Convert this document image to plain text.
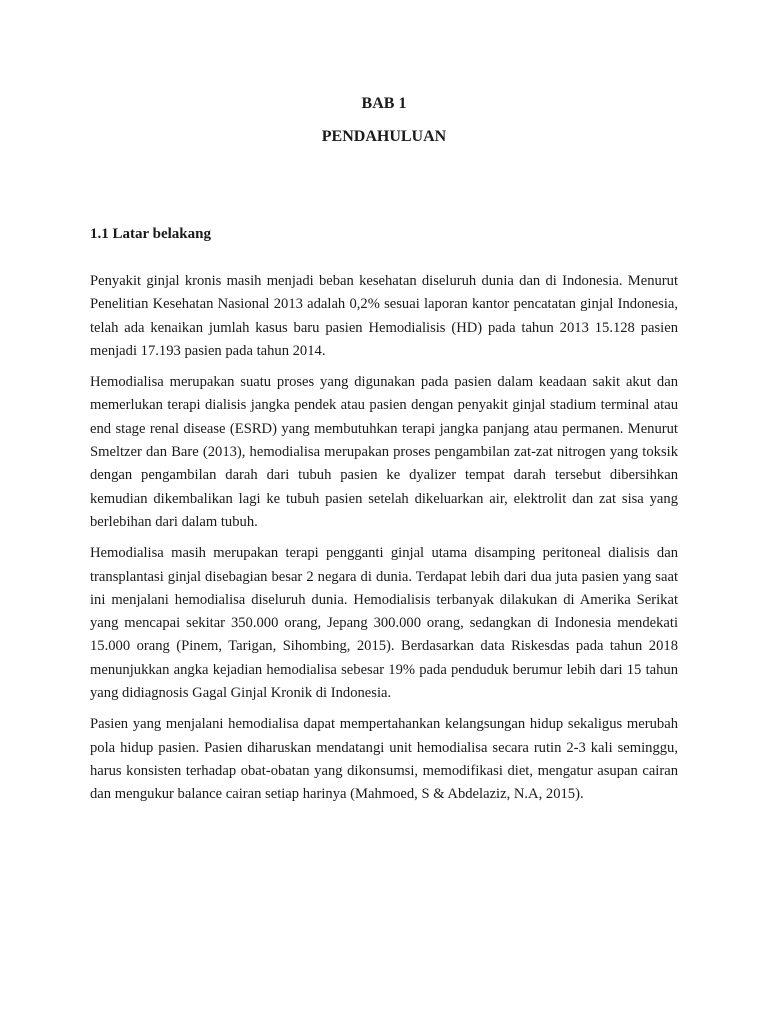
BAB 1
PENDAHULUAN
1.1 Latar belakang

Penyakit ginjal kronis masih menjadi beban kesehatan diseluruh dunia dan di Indonesia. Menurut Penelitian Kesehatan Nasional 2013 adalah 0,2% sesuai laporan kantor pencatatan ginjal Indonesia, telah ada kenaikan jumlah kasus baru pasien Hemodialisis (HD) pada tahun 2013 15.128 pasien menjadi 17.193 pasien pada tahun 2014.

Hemodialisa merupakan suatu proses yang digunakan pada pasien dalam keadaan sakit akut dan memerlukan terapi dialisis jangka pendek atau pasien dengan penyakit ginjal stadium terminal atau end stage renal disease (ESRD) yang membutuhkan terapi jangka panjang atau permanen. Menurut Smeltzer dan Bare (2013), hemodialisa merupakan proses pengambilan zat-zat nitrogen yang toksik dengan pengambilan darah dari tubuh pasien ke dyalizer tempat darah tersebut dibersihkan kemudian dikembalikan lagi ke tubuh pasien setelah dikeluarkan air, elektrolit dan zat sisa yang berlebihan dari dalam tubuh.

Hemodialisa masih merupakan terapi pengganti ginjal utama disamping peritoneal dialisis dan transplantasi ginjal disebagian besar 2 negara di dunia. Terdapat lebih dari dua juta pasien yang saat ini menjalani hemodialisa diseluruh dunia. Hemodialisis terbanyak dilakukan di Amerika Serikat yang mencapai sekitar 350.000 orang, Jepang 300.000 orang, sedangkan di Indonesia mendekati 15.000 orang (Pinem, Tarigan, Sihombing, 2015). Berdasarkan data Riskesdas pada tahun 2018 menunjukkan angka kejadian hemodialisa sebesar 19% pada penduduk berumur lebih dari 15 tahun yang didiagnosis Gagal Ginjal Kronik di Indonesia.

Pasien yang menjalani hemodialisa dapat mempertahankan kelangsungan hidup sekaligus merubah pola hidup pasien. Pasien diharuskan mendatangi unit hemodialisa secara rutin 2-3 kali seminggu, harus konsisten terhadap obat-obatan yang dikonsumsi, memodifikasi diet, mengatur asupan cairan dan mengukur balance cairan setiap harinya (Mahmoed, S & Abdelaziz, N.A, 2015).
